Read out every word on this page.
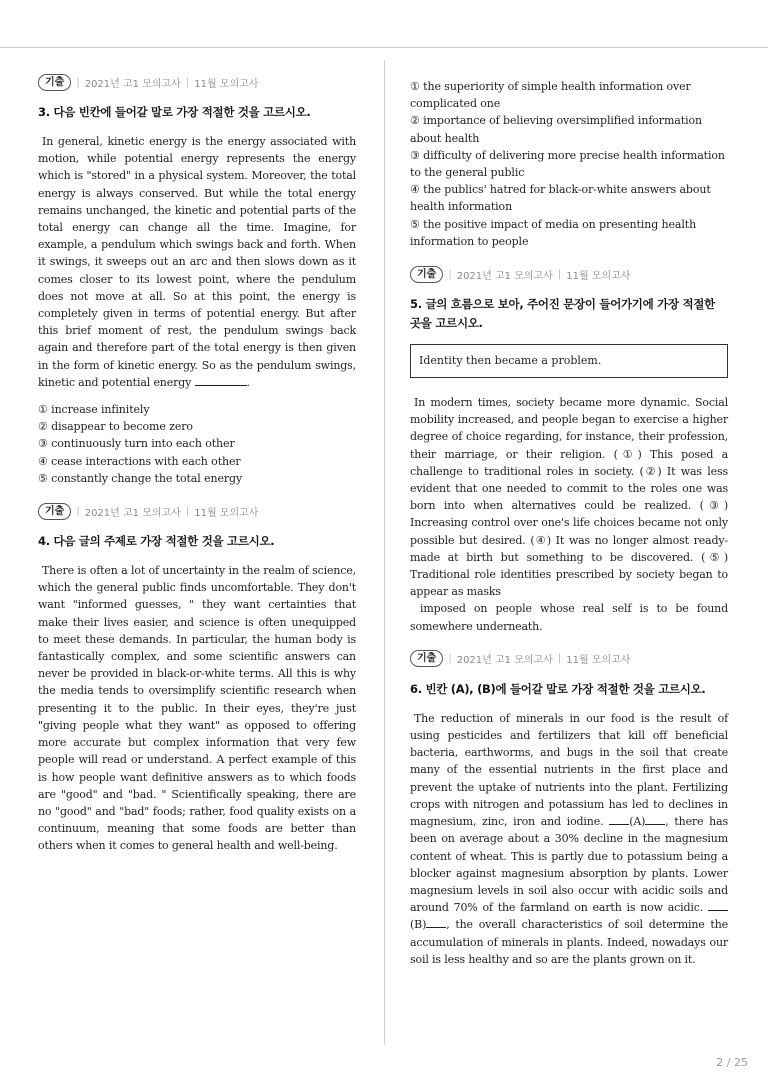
기출	| 2021년 고1 모의고사 | 11월 모의고사
3. 다음 빈칸에 들어갈 말로 가장 적절한 것을 고르시오.

In general, kinetic energy is the energy associated with motion, while potential energy represents the energy which is "stored" in a physical system. Moreover, the total energy is always conserved. But while the total energy remains unchanged, the kinetic and potential parts of the total energy can change all the time. Imagine, for example, a pendulum which swings back and forth. When it swings, it sweeps out an arc and then slows down as it comes closer to its lowest point, where the pendulum does not move at all. So at this point, the energy is completely given in terms of potential energy. But after this brief moment of rest, the pendulum swings back again and therefore part of the total energy is then given in the form of kinetic energy. So as the pendulum swings, kinetic and potential energy	.

① increase infinitely

② disappear to become zero

③ continuously turn into each other

④ cease interactions with each other

⑤ constantly change the total energy

기출	| 2021년 고1 모의고사 | 11월 모의고사
4. 다음 글의 주제로 가장 적절한 것을 고르시오.

There is often a lot of uncertainty in the realm of science, which the general public finds uncomfortable. They don't want "informed guesses, " they want certainties that make their lives easier, and science is often unequipped to meet these demands. In particular, the human body is fantastically complex, and some scientific answers can never be provided in black-or-white terms. All this is why the media tends to oversimplify scientific research when presenting it to the public. In their eyes, they're just "giving people what they want" as opposed to offering more accurate but complex information that very few people will read or understand. A perfect example of this is how people want definitive answers as to which foods are "good" and "bad. " Scientifically speaking, there are no "good" and "bad" foods; rather, food quality exists on a continuum, meaning that some foods are better than others when it comes to general health and well-being.

① the superiority of simple health information over complicated one

② importance of believing oversimplified information about health

③ difficulty of delivering more precise health information to the general public

④ the publics' hatred for black-or-white answers about health information

⑤ the positive impact of media on presenting health information to people

기출	| 2021년 고1 모의고사 | 11월 모의고사
5. 글의 흐름으로 보아, 주어진 문장이 들어가기에 가장 적절한 곳을 고르시오.
Identity then became a problem.

In modern times, society became more dynamic. Social mobility increased, and people began to exercise a higher degree of choice regarding, for instance, their profession, their marriage, or their religion. (①) This posed a challenge to traditional roles in society. (②) It was less evident that one needed to commit to the roles one was born into when alternatives could be realized. (③) Increasing control over one's life choices became not only possible but desired. (④) It was no longer almost ready-made at birth but something to be discovered. (⑤) Traditional role identities prescribed by society began to appear as masks

imposed on people whose real self is to be found somewhere underneath.

기출	| 2021년 고1 모의고사 | 11월 모의고사
6. 빈칸 (A), (B)에 들어갈 말로 가장 적절한 것을 고르시오.

The reduction of minerals in our food is the result of using pesticides and fertilizers that kill off beneficial bacteria, earthworms, and bugs in the soil that create many of the essential nutrients in the first place and prevent the uptake of nutrients into the plant. Fertilizing crops with nitrogen and potassium has led to declines in magnesium, zinc, iron and iodine. (A) , there has been on average about a 30% decline in the magnesium content of wheat. This is partly due to potassium being a blocker against magnesium absorption by plants. Lower magnesium levels in soil also occur with acidic soils and around 70% of the farmland on earth is now acidic. (B) , the overall characteristics of soil determine the accumulation of minerals in plants. Indeed, nowadays our soil is less healthy and so are the plants grown on it.

2 / 25
